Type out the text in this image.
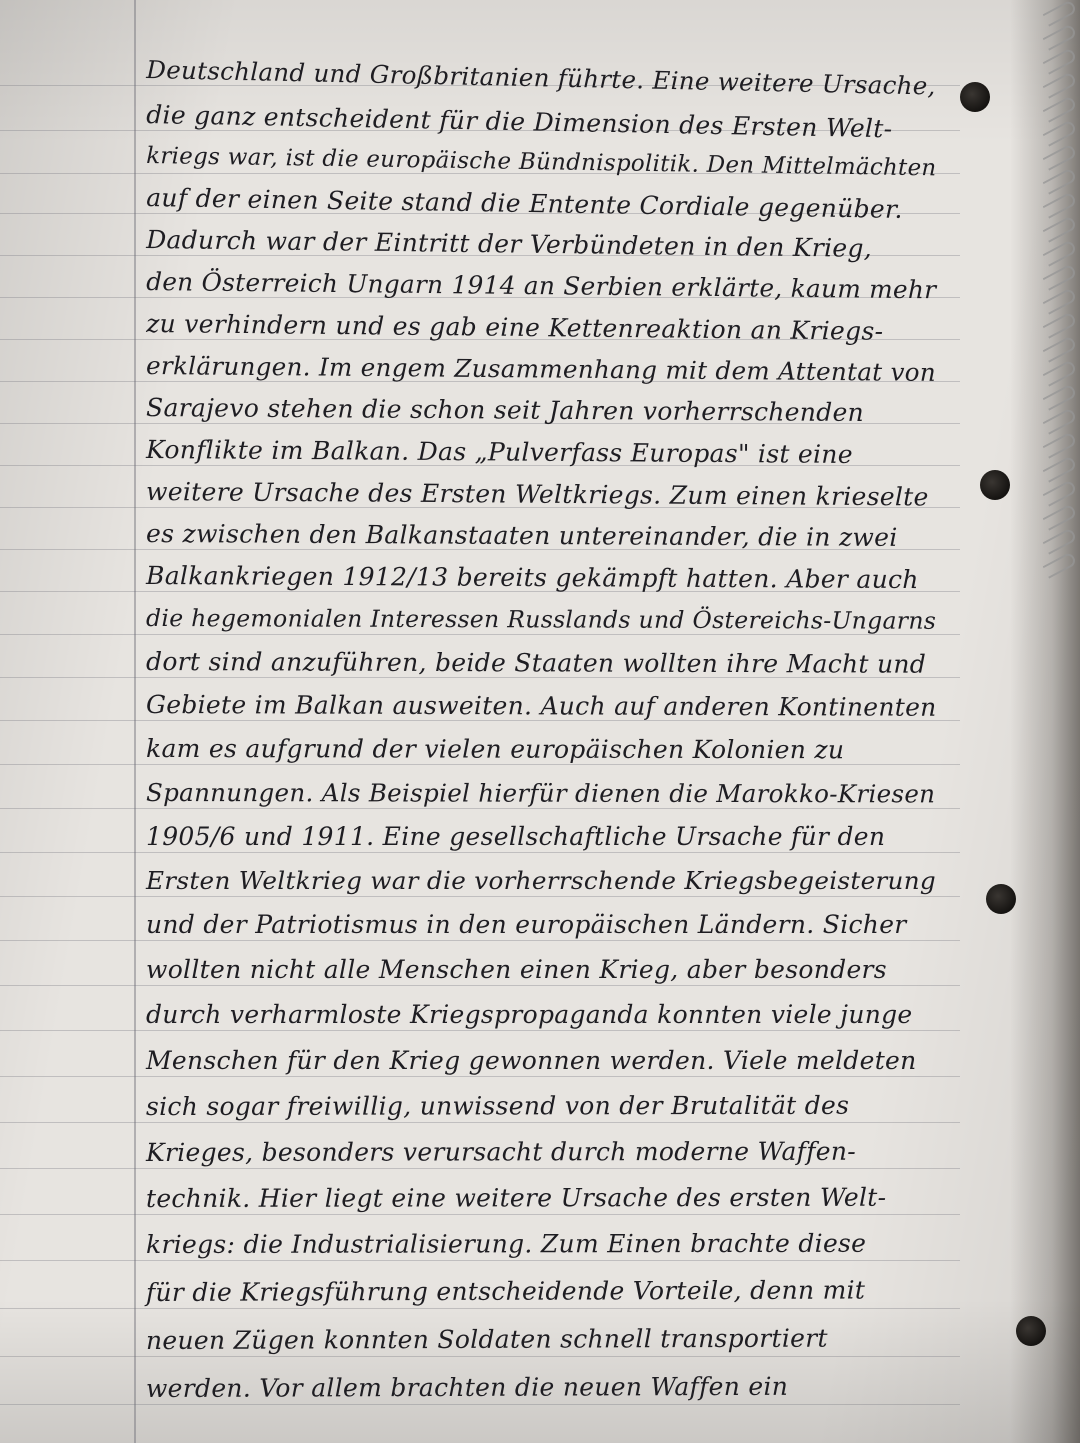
Deutschland und Großbritanien führte. Eine weitere Ursache,
die ganz entscheident für die Dimension des Ersten Welt-
kriegs war, ist die europäische Bündnispolitik. Den Mittelmächten
auf der einen Seite stand die Entente Cordiale gegenüber.
Dadurch war der Eintritt der Verbündeten in den Krieg,
den Österreich Ungarn 1914 an Serbien erklärte, kaum mehr
zu verhindern und es gab eine Kettenreaktion an Kriegs-
erklärungen. Im engem Zusammenhang mit dem Attentat von
Sarajevo stehen die schon seit Jahren vorherrschenden
Konflikte im Balkan. Das „Pulverfass Europas" ist eine
weitere Ursache des Ersten Weltkriegs. Zum einen krieselte
es zwischen den Balkanstaaten untereinander, die in zwei
Balkankriegen 1912/13 bereits gekämpft hatten. Aber auch
die hegemonialen Interessen Russlands und Östereichs-Ungarns
dort sind anzuführen, beide Staaten wollten ihre Macht und
Gebiete im Balkan ausweiten. Auch auf anderen Kontinenten
kam es aufgrund der vielen europäischen Kolonien zu
Spannungen. Als Beispiel hierfür dienen die Marokko-Kriesen
1905/6 und 1911. Eine gesellschaftliche Ursache für den
Ersten Weltkrieg war die vorherrschende Kriegsbegeisterung
und der Patriotismus in den europäischen Ländern. Sicher
wollten nicht alle Menschen einen Krieg, aber besonders
durch verharmloste Kriegspropaganda konnten viele junge
Menschen für den Krieg gewonnen werden. Viele meldeten
sich sogar freiwillig, unwissend von der Brutalität des
Krieges, besonders verursacht durch moderne Waffen-
technik. Hier liegt eine weitere Ursache des ersten Welt-
kriegs: die Industrialisierung. Zum Einen brachte diese
für die Kriegsführung entscheidende Vorteile, denn mit
neuen Zügen konnten Soldaten schnell transportiert
werden. Vor allem brachten die neuen Waffen ein
